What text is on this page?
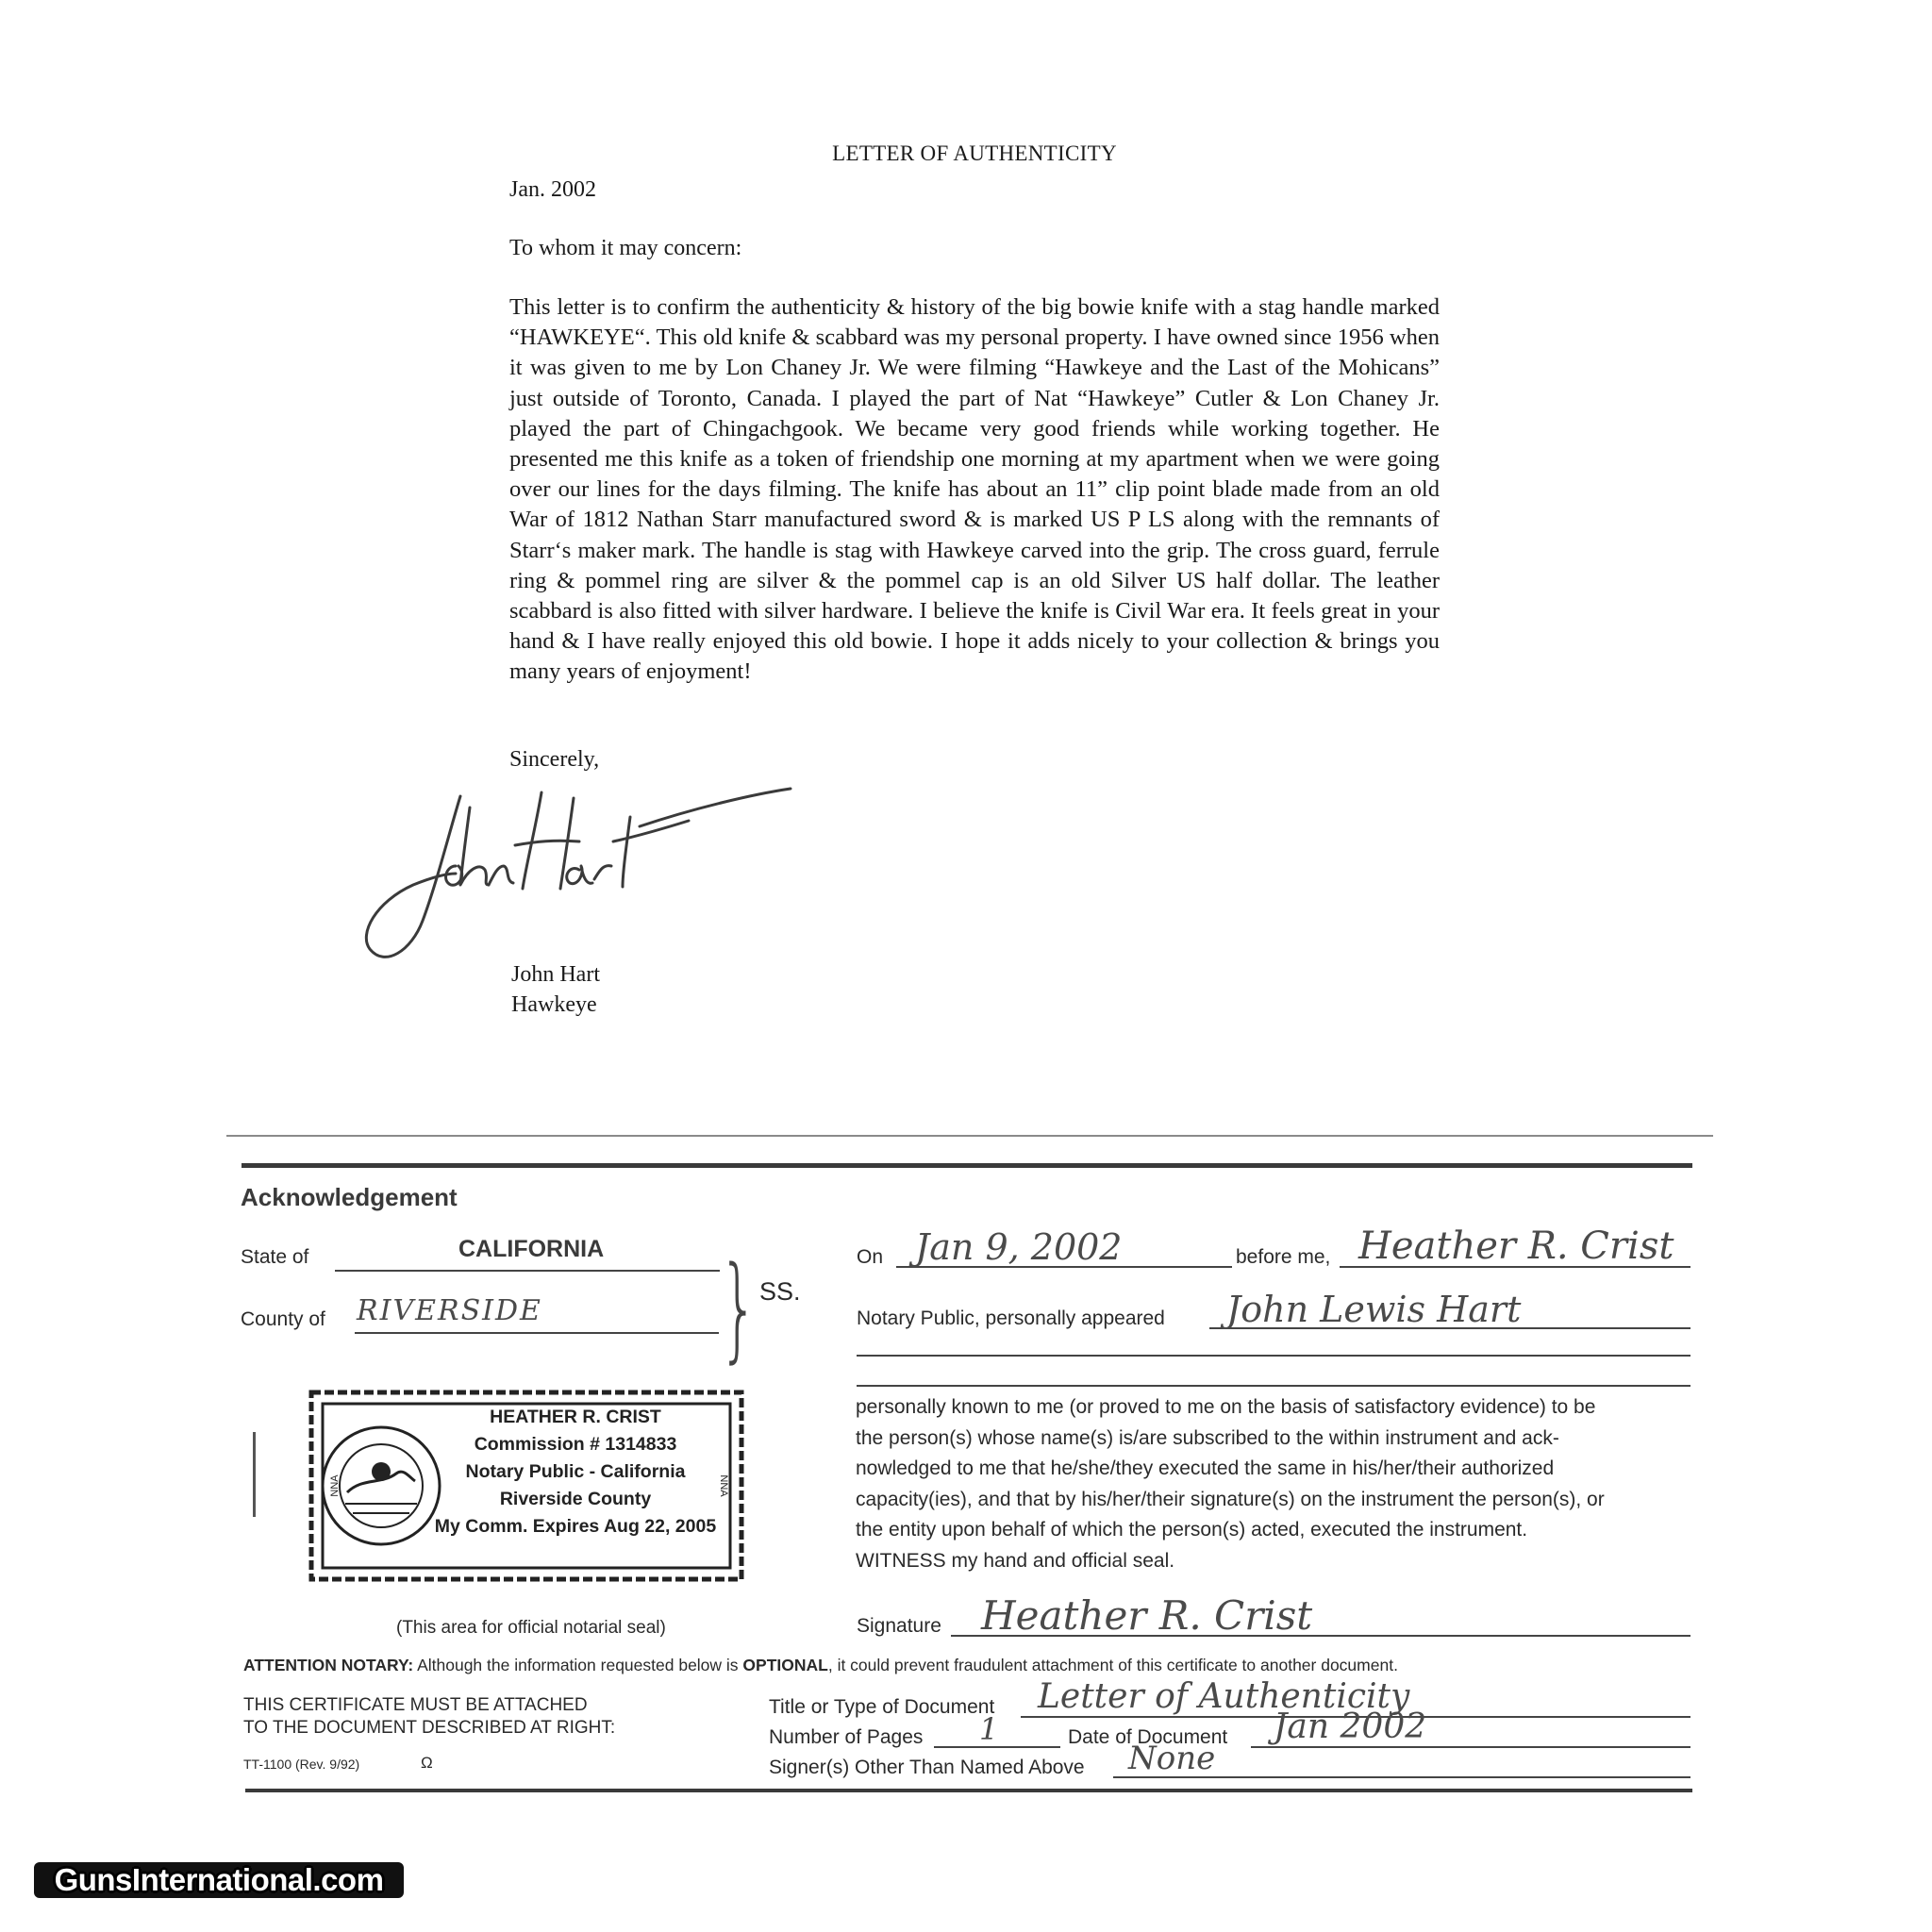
LETTER OF AUTHENTICITY
Jan. 2002
To whom it may concern:
This letter is to confirm the authenticity & history of the big bowie knife with a stag handle marked “HAWKEYE“. This old knife & scabbard was my personal property. I have owned since 1956 when it was given to me by Lon Chaney Jr. We were filming “Hawkeye and the Last of the Mohicans” just outside of Toronto, Canada. I played the part of Nat “Hawkeye” Cutler & Lon Chaney Jr. played the part of Chingachgook. We became very good friends while working together. He presented me this knife as a token of friendship one morning at my apartment when we were going over our lines for the days filming. The knife has about an 11” clip point blade made from an old War of 1812 Nathan Starr manufactured sword & is marked US P LS along with the remnants of Starr‘s maker mark. The handle is stag with Hawkeye carved into the grip. The cross guard, ferrule ring & pommel ring are silver & the pommel cap is an old Silver US half dollar. The leather scabbard is also fitted with silver hardware. I believe the knife is Civil War era. It feels great in your hand & I have really enjoyed this old bowie. I hope it adds nicely to your collection & brings you many years of enjoyment!
Sincerely,
John Hart
Hawkeye
Acknowledgement
State of	CALIFORNIA
County of RIVERSIDE } SS.
On Jan 9, 2002	before me, Heather R. Crist
Notary Public, personally appeared John Lewis Hart
personally known to me (or proved to me on the basis of satisfactory evidence) to be
the person(s) whose name(s) is/are subscribed to the within instrument and ack-
nowledged to me that he/she/they executed the same in his/her/their authorized
capacity(ies), and that by his/her/their signature(s) on the instrument the person(s), or
the entity upon behalf of which the person(s) acted, executed the instrument.
WITNESS my hand and official seal.
Signature Heather R. Crist
NNA	NNA
HEATHER R. CRIST
Commission # 1314833
Notary Public - California
Riverside County
My Comm. Expires Aug 22, 2005
(This area for official notarial seal)
ATTENTION NOTARY: Although the information requested below is OPTIONAL, it could prevent fraudulent attachment of this certificate to another document.
THIS CERTIFICATE MUST BE ATTACHED
TO THE DOCUMENT DESCRIBED AT RIGHT:
Title or Type of Document Letter of Authenticity
Number of Pages 1	Date of Document Jan 2002
Signer(s) Other Than Named Above None
TT-1100 (Rev. 9/92)	Ω
GunsInternational.com
